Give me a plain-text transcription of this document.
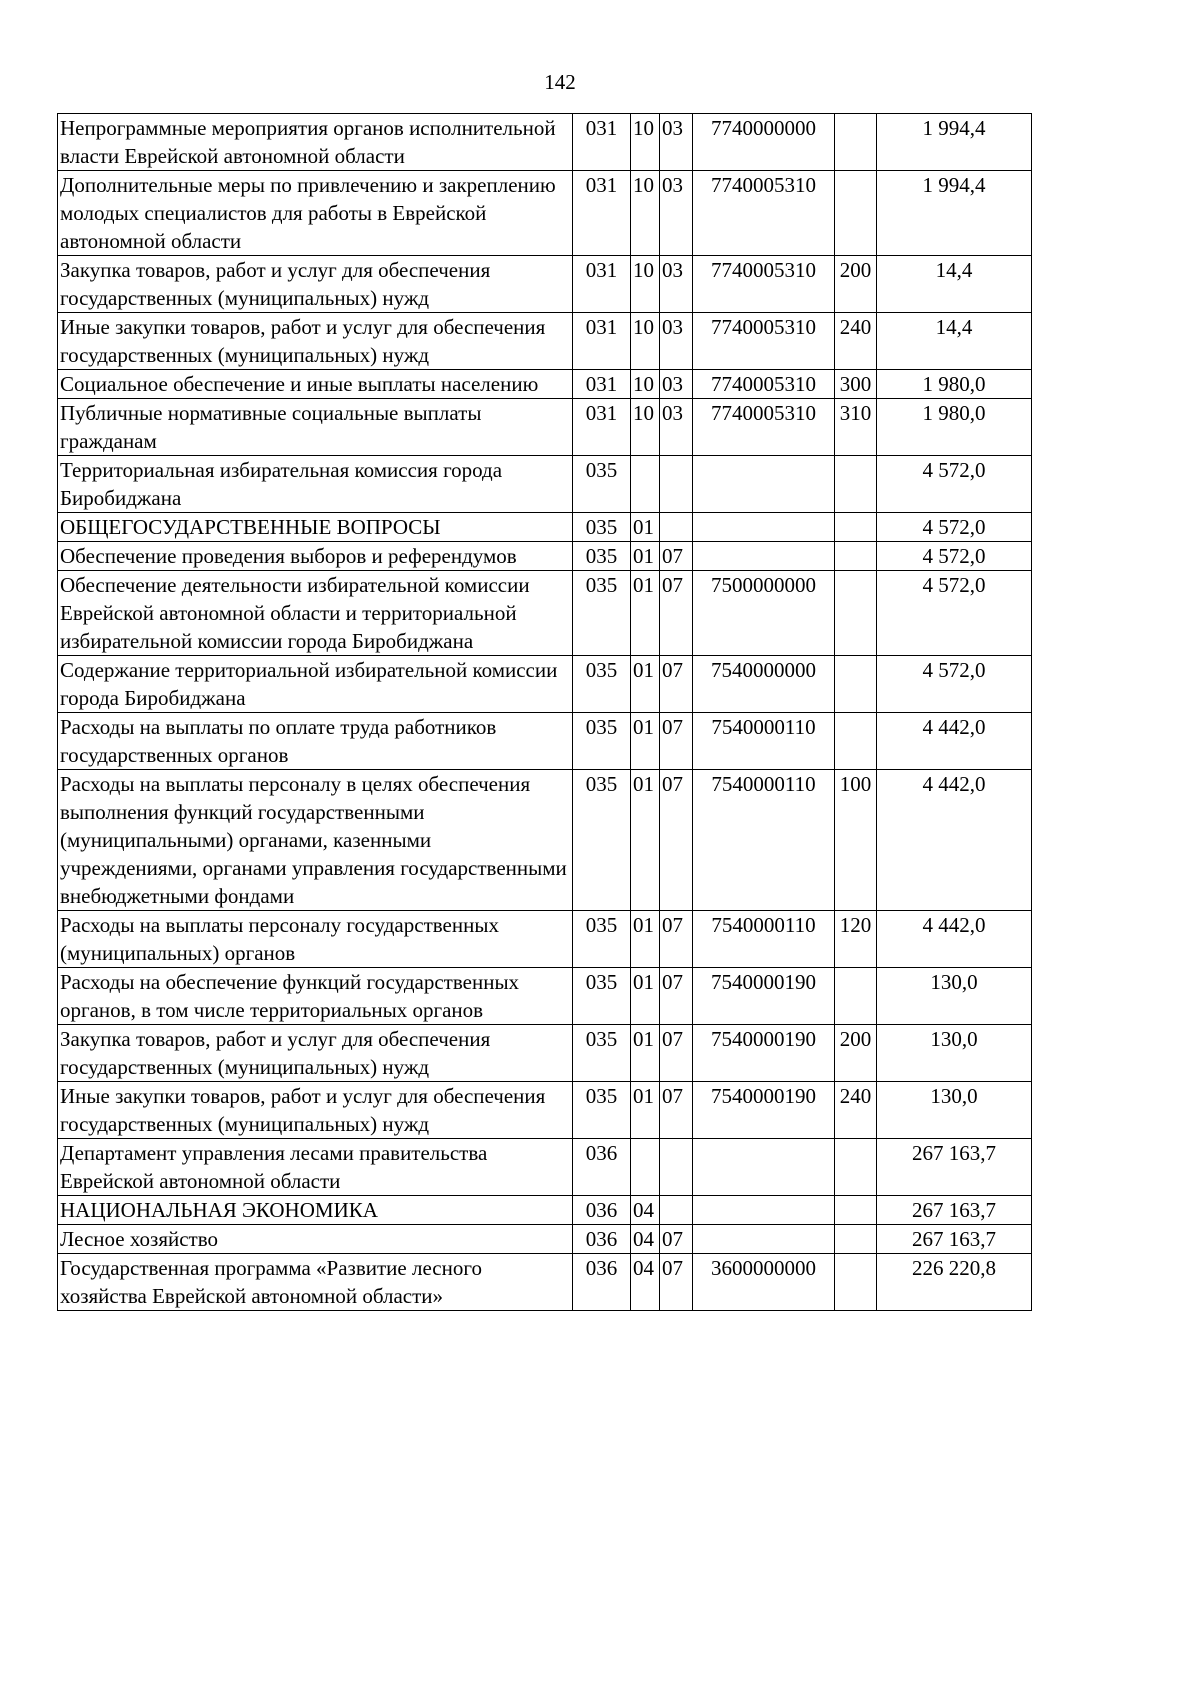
142
Непрограммные мероприятия органов исполнительной власти Еврейской автономной области	031	10	03	7740000000		1 994,4
Дополнительные меры по привлечению и закреплению молодых специалистов для работы в Еврейской автономной области	031	10	03	7740005310		1 994,4
Закупка товаров, работ и услуг для обеспечения государственных (муниципальных) нужд	031	10	03	7740005310	200	14,4
Иные закупки товаров, работ и услуг для обеспечения государственных (муниципальных) нужд	031	10	03	7740005310	240	14,4
Социальное обеспечение и иные выплаты населению	031	10	03	7740005310	300	1 980,0
Публичные нормативные социальные выплаты гражданам	031	10	03	7740005310	310	1 980,0
Территориальная избирательная комиссия города Биробиджана	035					4 572,0
ОБЩЕГОСУДАРСТВЕННЫЕ ВОПРОСЫ	035	01				4 572,0
Обеспечение проведения выборов и референдумов	035	01	07			4 572,0
Обеспечение деятельности избирательной комиссии Еврейской автономной области и территориальной избирательной комиссии города Биробиджана	035	01	07	7500000000		4 572,0
Содержание территориальной избирательной комиссии города Биробиджана	035	01	07	7540000000		4 572,0
Расходы на выплаты по оплате труда работников государственных органов	035	01	07	7540000110		4 442,0
Расходы на выплаты персоналу в целях обеспечения выполнения функций государственными (муниципальными) органами, казенными учреждениями, органами управления государственными внебюджетными фондами	035	01	07	7540000110	100	4 442,0
Расходы на выплаты персоналу государственных (муниципальных) органов	035	01	07	7540000110	120	4 442,0
Расходы на обеспечение функций государственных органов, в том числе территориальных органов	035	01	07	7540000190		130,0
Закупка товаров, работ и услуг для обеспечения государственных (муниципальных) нужд	035	01	07	7540000190	200	130,0
Иные закупки товаров, работ и услуг для обеспечения государственных (муниципальных) нужд	035	01	07	7540000190	240	130,0
Департамент управления лесами правительства Еврейской автономной области	036					267 163,7
НАЦИОНАЛЬНАЯ ЭКОНОМИКА	036	04				267 163,7
Лесное хозяйство	036	04	07			267 163,7
Государственная программа «Развитие лесного хозяйства Еврейской автономной области»	036	04	07	3600000000		226 220,8
